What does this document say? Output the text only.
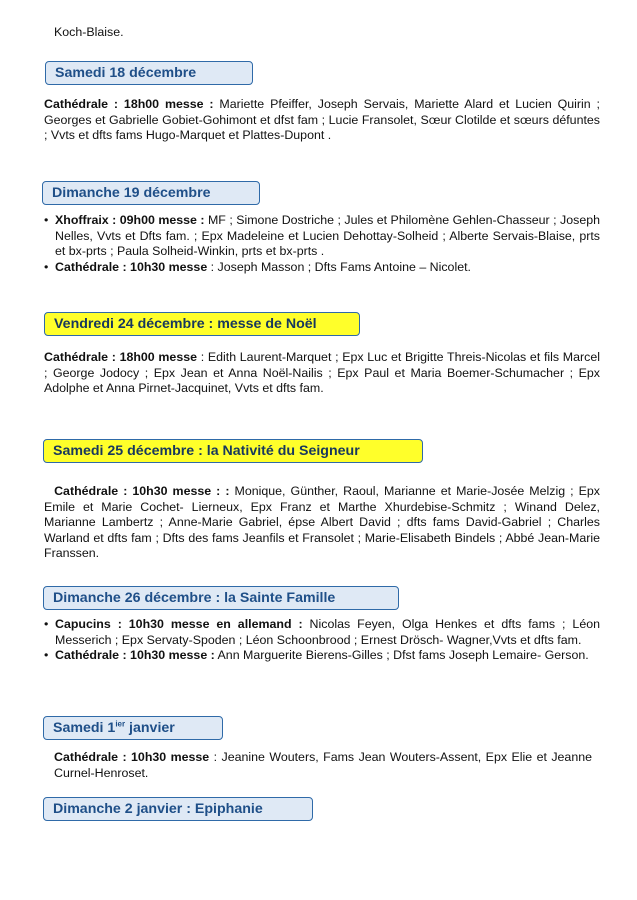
Koch-Blaise.

Samedi 18 décembre

Cathédrale : 18h00 messe : Mariette Pfeiffer, Joseph Servais, Mariette Alard et Lucien Quirin ; Georges et Gabrielle Gobiet-Gohimont et dfst fam ; Lucie Fransolet, Sœur Clotilde et sœurs défuntes ; Vvts et dfts fams Hugo-Marquet et Plattes-Dupont .

Dimanche 19 décembre
• Xhoffraix : 09h00 messe : MF ; Simone Dostriche ; Jules et Philomène Gehlen-Chasseur ; Joseph Nelles, Vvts et Dfts fam. ; Epx Madeleine et Lucien Dehottay-Solheid ; Alberte Servais-Blaise, prts et bx-prts ; Paula Solheid-Winkin, prts et bx-prts .
• Cathédrale : 10h30 messe : Joseph Masson ; Dfts Fams Antoine – Nicolet.
Vendredi 24 décembre : messe de Noël

Cathédrale : 18h00 messe : Edith Laurent-Marquet ; Epx Luc et Brigitte Threis-Nicolas et fils Marcel ; George Jodocy ; Epx Jean et Anna Noël-Nailis ; Epx Paul et Maria Boemer-Schumacher ; Epx Adolphe et Anna Pirnet-Jacquinet, Vvts et dfts fam.

Samedi 25 décembre : la Nativité du Seigneur

Cathédrale : 10h30 messe : : Monique, Günther, Raoul, Marianne et Marie-Josée Melzig ; Epx Emile et Marie Cochet- Lierneux, Epx Franz et Marthe Xhurdebise-Schmitz ; Winand Delez, Marianne Lambertz ; Anne-Marie Gabriel, épse Albert David ; dfts fams David-Gabriel ; Charles Warland et dfts fam ; Dfts des fams Jeanfils et Fransolet ; Marie-Elisabeth Bindels ; Abbé Jean-Marie Franssen.

Dimanche 26 décembre : la Sainte Famille
• Capucins : 10h30 messe en allemand : Nicolas Feyen, Olga Henkes et dfts fams ; Léon Messerich ; Epx Servaty-Spoden ; Léon Schoonbrood ; Ernest Drösch- Wagner,Vvts et dfts fam.
• Cathédrale : 10h30 messe : Ann Marguerite Bierens-Gilles ; Dfst fams Joseph Lemaire- Gerson.
Samedi $1^{ier}$ janvier

Cathédrale : 10h30 messe : Jeanine Wouters, Fams Jean Wouters-Assent, Epx Elie et Jeanne Curnel-Henroset.

Dimanche 2 janvier : Epiphanie
